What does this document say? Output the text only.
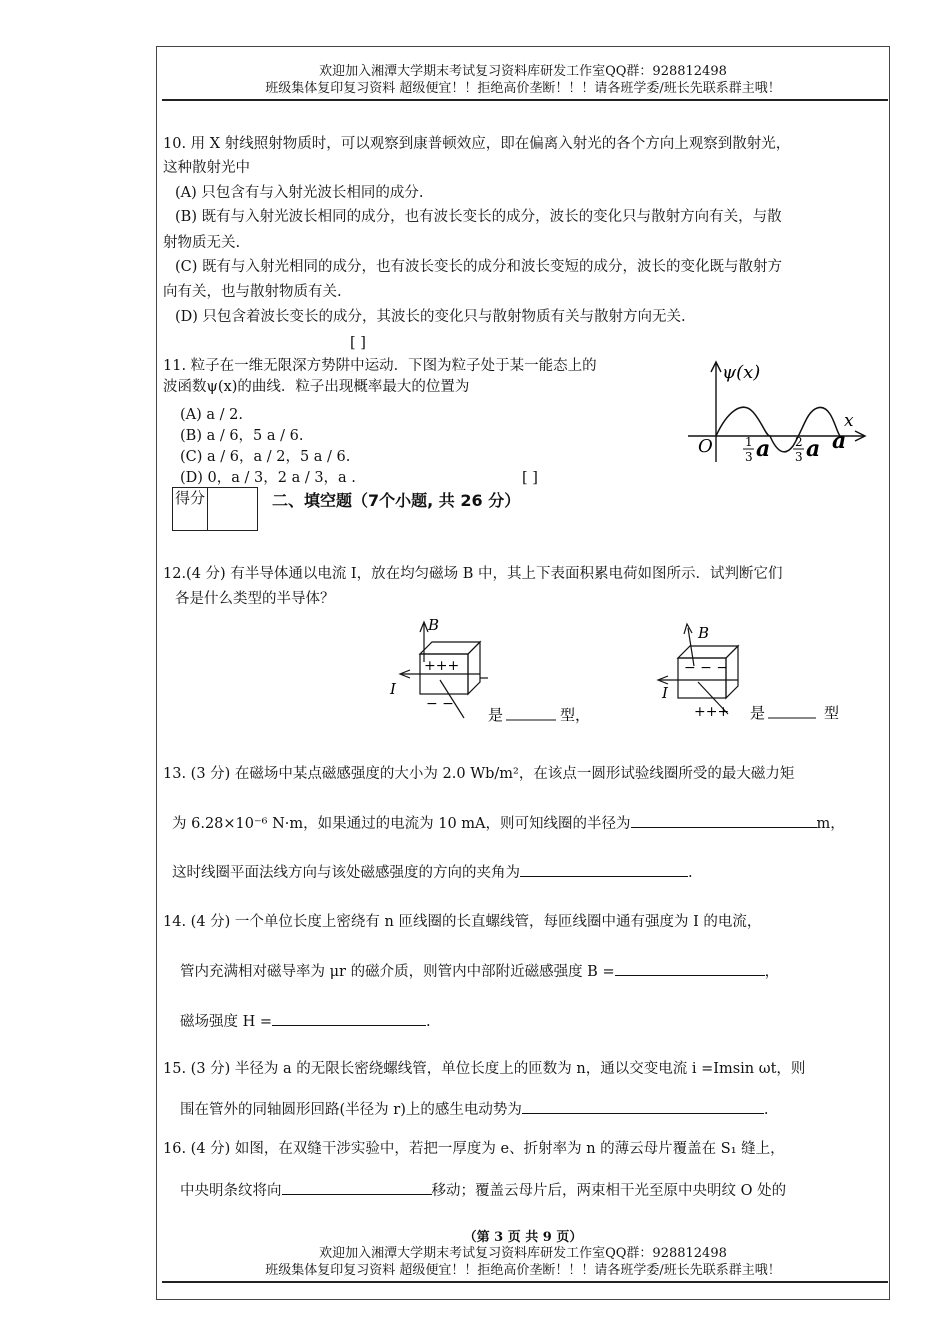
欢迎加入湘潭大学期末考试复习资料库研发工作室QQ群：928812498
班级集体复印复习资料 超级便宜！！拒绝高价垄断！！！请各班学委/班长先联系群主哦！
10. 用 X 射线照射物质时，可以观察到康普顿效应，即在偏离入射光的各个方向上观察到散射光，
这种散射光中
(A) 只包含有与入射光波长相同的成分.
(B) 既有与入射光波长相同的成分，也有波长变长的成分，波长的变化只与散射方向有关，与散
射物质无关.
(C) 既有与入射光相同的成分，也有波长变长的成分和波长变短的成分，波长的变化既与散射方
向有关，也与散射物质有关.
(D) 只包含着波长变长的成分，其波长的变化只与散射物质有关与散射方向无关.
[ ]
11. 粒子在一维无限深方势阱中运动．下图为粒子处于某一能态上的
波函数ψ(x)的曲线．粒子出现概率最大的位置为
(A) a / 2.
(B) a / 6，5 a / 6.
(C) a / 6，a / 2，5 a / 6.
(D) 0，a / 3，2 a / 3，a .	[ ]
ψ(x)
x
O	1
3 a 2
3 a a
得分	二、填空题（7个小题, 共 26 分）
12.(4 分) 有半导体通以电流 I，放在均匀磁场 B 中，其上下表面积累电荷如图所示．试判断它们
各是什么类型的半导体？
B
I
+++
− −
是	型，
B
I
− − −
+++ 是	型
13. (3 分) 在磁场中某点磁感强度的大小为 2.0 Wb/m²，在该点一圆形试验线圈所受的最大磁力矩
为 6.28×10⁻⁶ N·m，如果通过的电流为 10 mA，则可知线圈的半径为	m，
这时线圈平面法线方向与该处磁感强度的方向的夹角为	.
14. (4 分) 一个单位长度上密绕有 n 匝线圈的长直螺线管，每匝线圈中通有强度为 I 的电流，
管内充满相对磁导率为 μr 的磁介质，则管内中部附近磁感强度 B =	，
磁场强度 H =	.
15. (3 分) 半径为 a 的无限长密绕螺线管，单位长度上的匝数为 n，通以交变电流 i =Imsin ωt，则
围在管外的同轴圆形回路(半径为 r)上的感生电动势为	.
16. (4 分) 如图，在双缝干涉实验中，若把一厚度为 e、折射率为 n 的薄云母片覆盖在 S₁ 缝上，
中央明条纹将向	移动；覆盖云母片后，两束相干光至原中央明纹 O 处的
（第 3 页 共 9 页）
欢迎加入湘潭大学期末考试复习资料库研发工作室QQ群：928812498
班级集体复印复习资料 超级便宜！！拒绝高价垄断！！！请各班学委/班长先联系群主哦！
